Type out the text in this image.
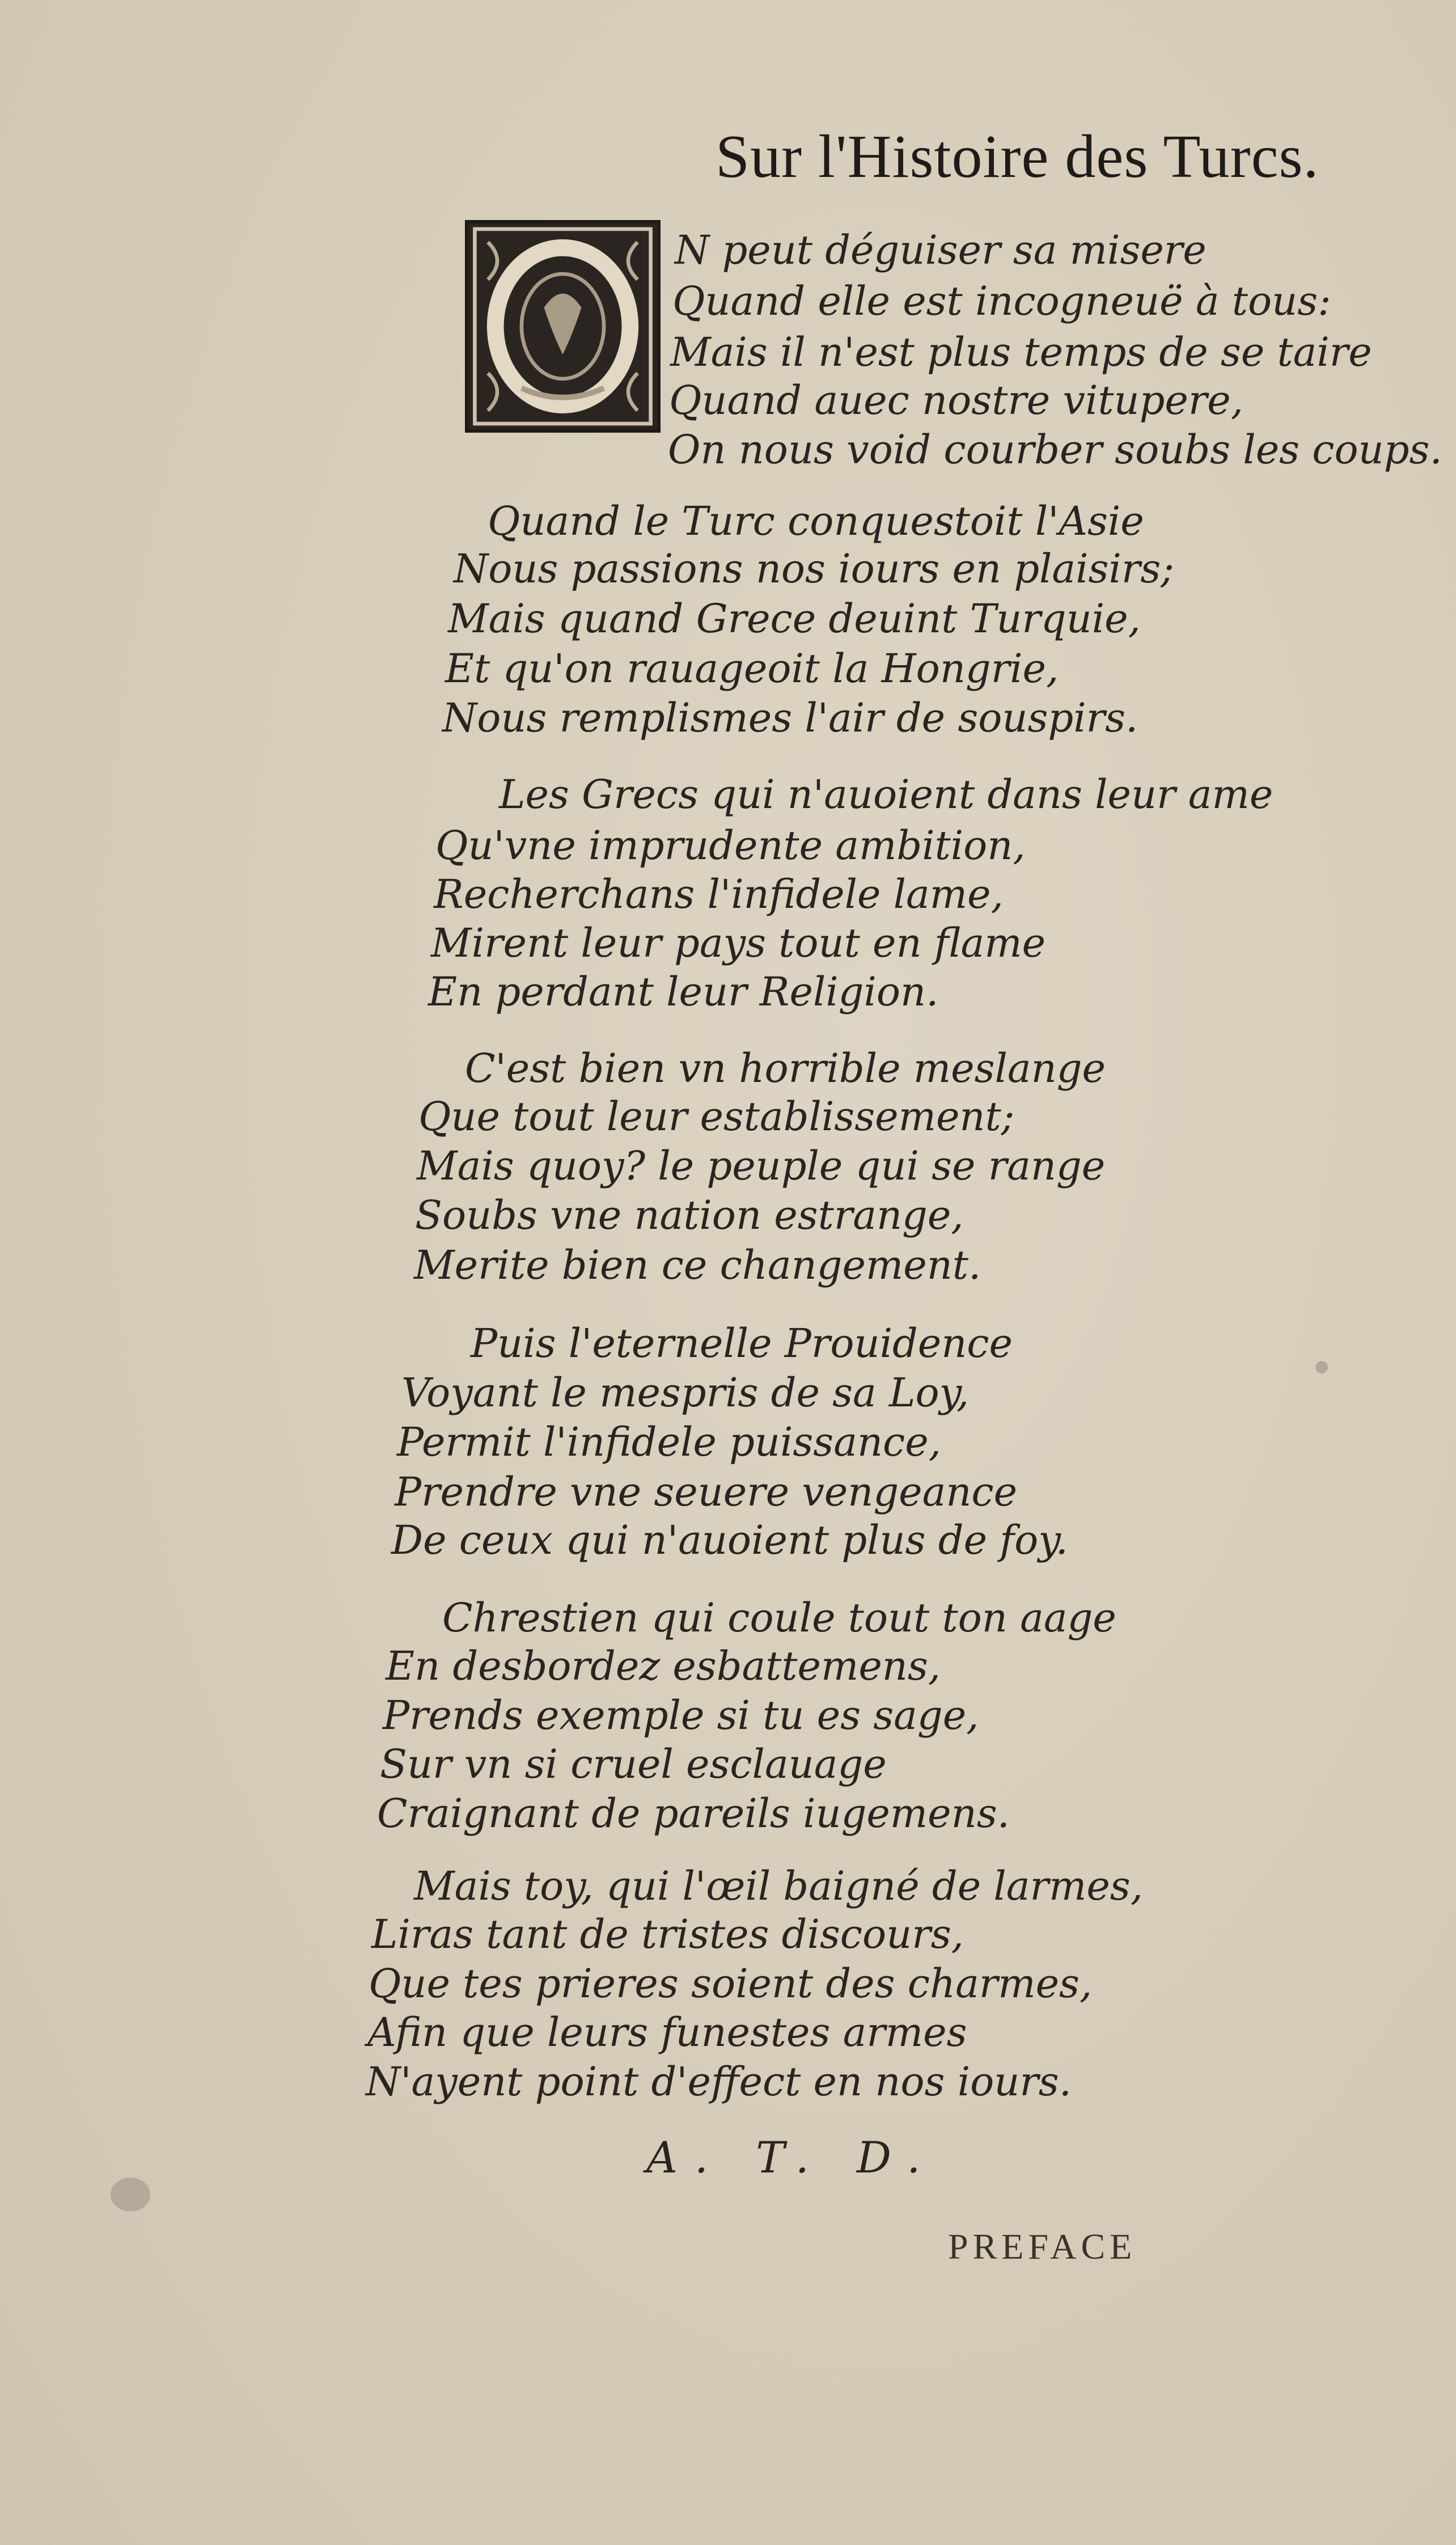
Sur l'Histoire des Turcs.
N peut déguiser sa misere
Quand elle est incogneuë à tous:
Mais il n'est plus temps de se taire
Quand auec nostre vitupere,
On nous void courber soubs les coups.
Quand le Turc conquestoit l'Asie
Nous passions nos iours en plaisirs;
Mais quand Grece deuint Turquie,
Et qu'on rauageoit la Hongrie,
Nous remplismes l'air de souspirs.
Les Grecs qui n'auoient dans leur ame
Qu'vne imprudente ambition,
Recherchans l'infidele lame,
Mirent leur pays tout en flame
En perdant leur Religion.
C'est bien vn horrible meslange
Que tout leur establissement;
Mais quoy? le peuple qui se range
Soubs vne nation estrange,
Merite bien ce changement.
Puis l'eternelle Prouidence
Voyant le mespris de sa Loy,
Permit l'infidele puissance,
Prendre vne seuere vengeance
De ceux qui n'auoient plus de foy.
Chrestien qui coule tout ton aage
En desbordez esbattemens,
Prends exemple si tu es sage,
Sur vn si cruel esclauage
Craignant de pareils iugemens.
Mais toy, qui l'œil baigné de larmes,
Liras tant de tristes discours,
Que tes prieres soient des charmes,
Afin que leurs funestes armes
N'ayent point d'effect en nos iours.
A. T. D.
PREFACE
